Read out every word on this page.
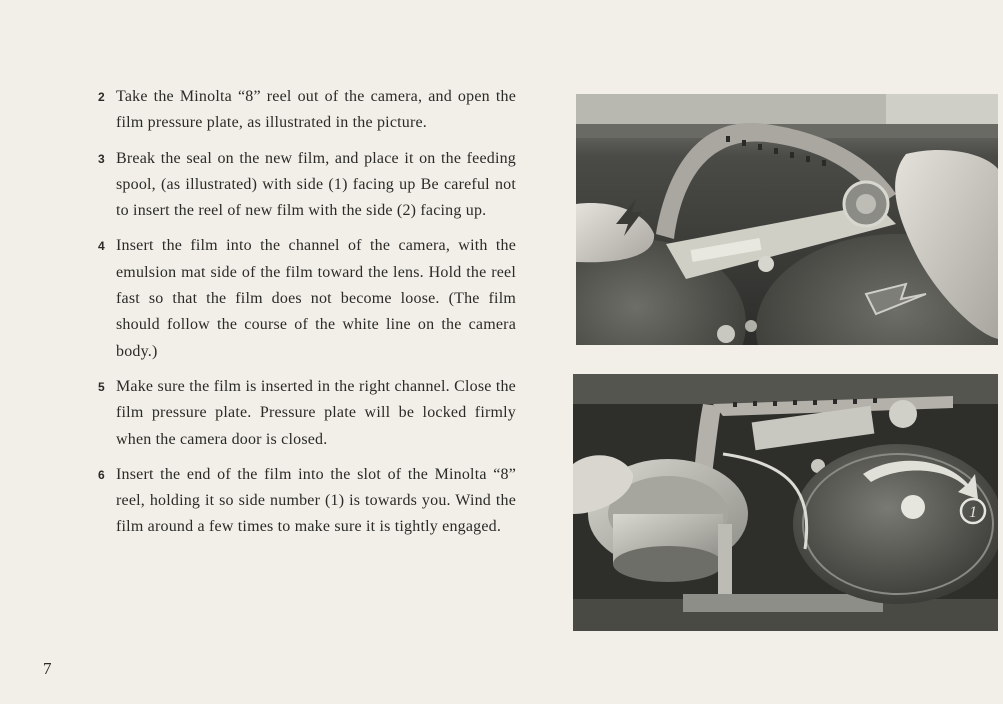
2 Take the Minolta “8” reel out of the camera, and open the film pressure plate, as illustrated in the picture.
3 Break the seal on the new film, and place it on the feeding spool, (as illustrated) with side (1) facing up Be careful not to insert the reel of new film with the side (2) facing up.
4 Insert the film into the channel of the camera, with the emulsion mat side of the film toward the lens. Hold the reel fast so that the film does not become loose. (The film should follow the course of the white line on the camera body.)
5 Make sure the film is inserted in the right channel. Close the film pressure plate. Pressure plate will be locked firmly when the camera door is closed.
6 Insert the end of the film into the slot of the Minolta “8” reel, holding it so side number (1) is towards you. Wind the film around a few times to make sure it is tightly engaged.
7
1
